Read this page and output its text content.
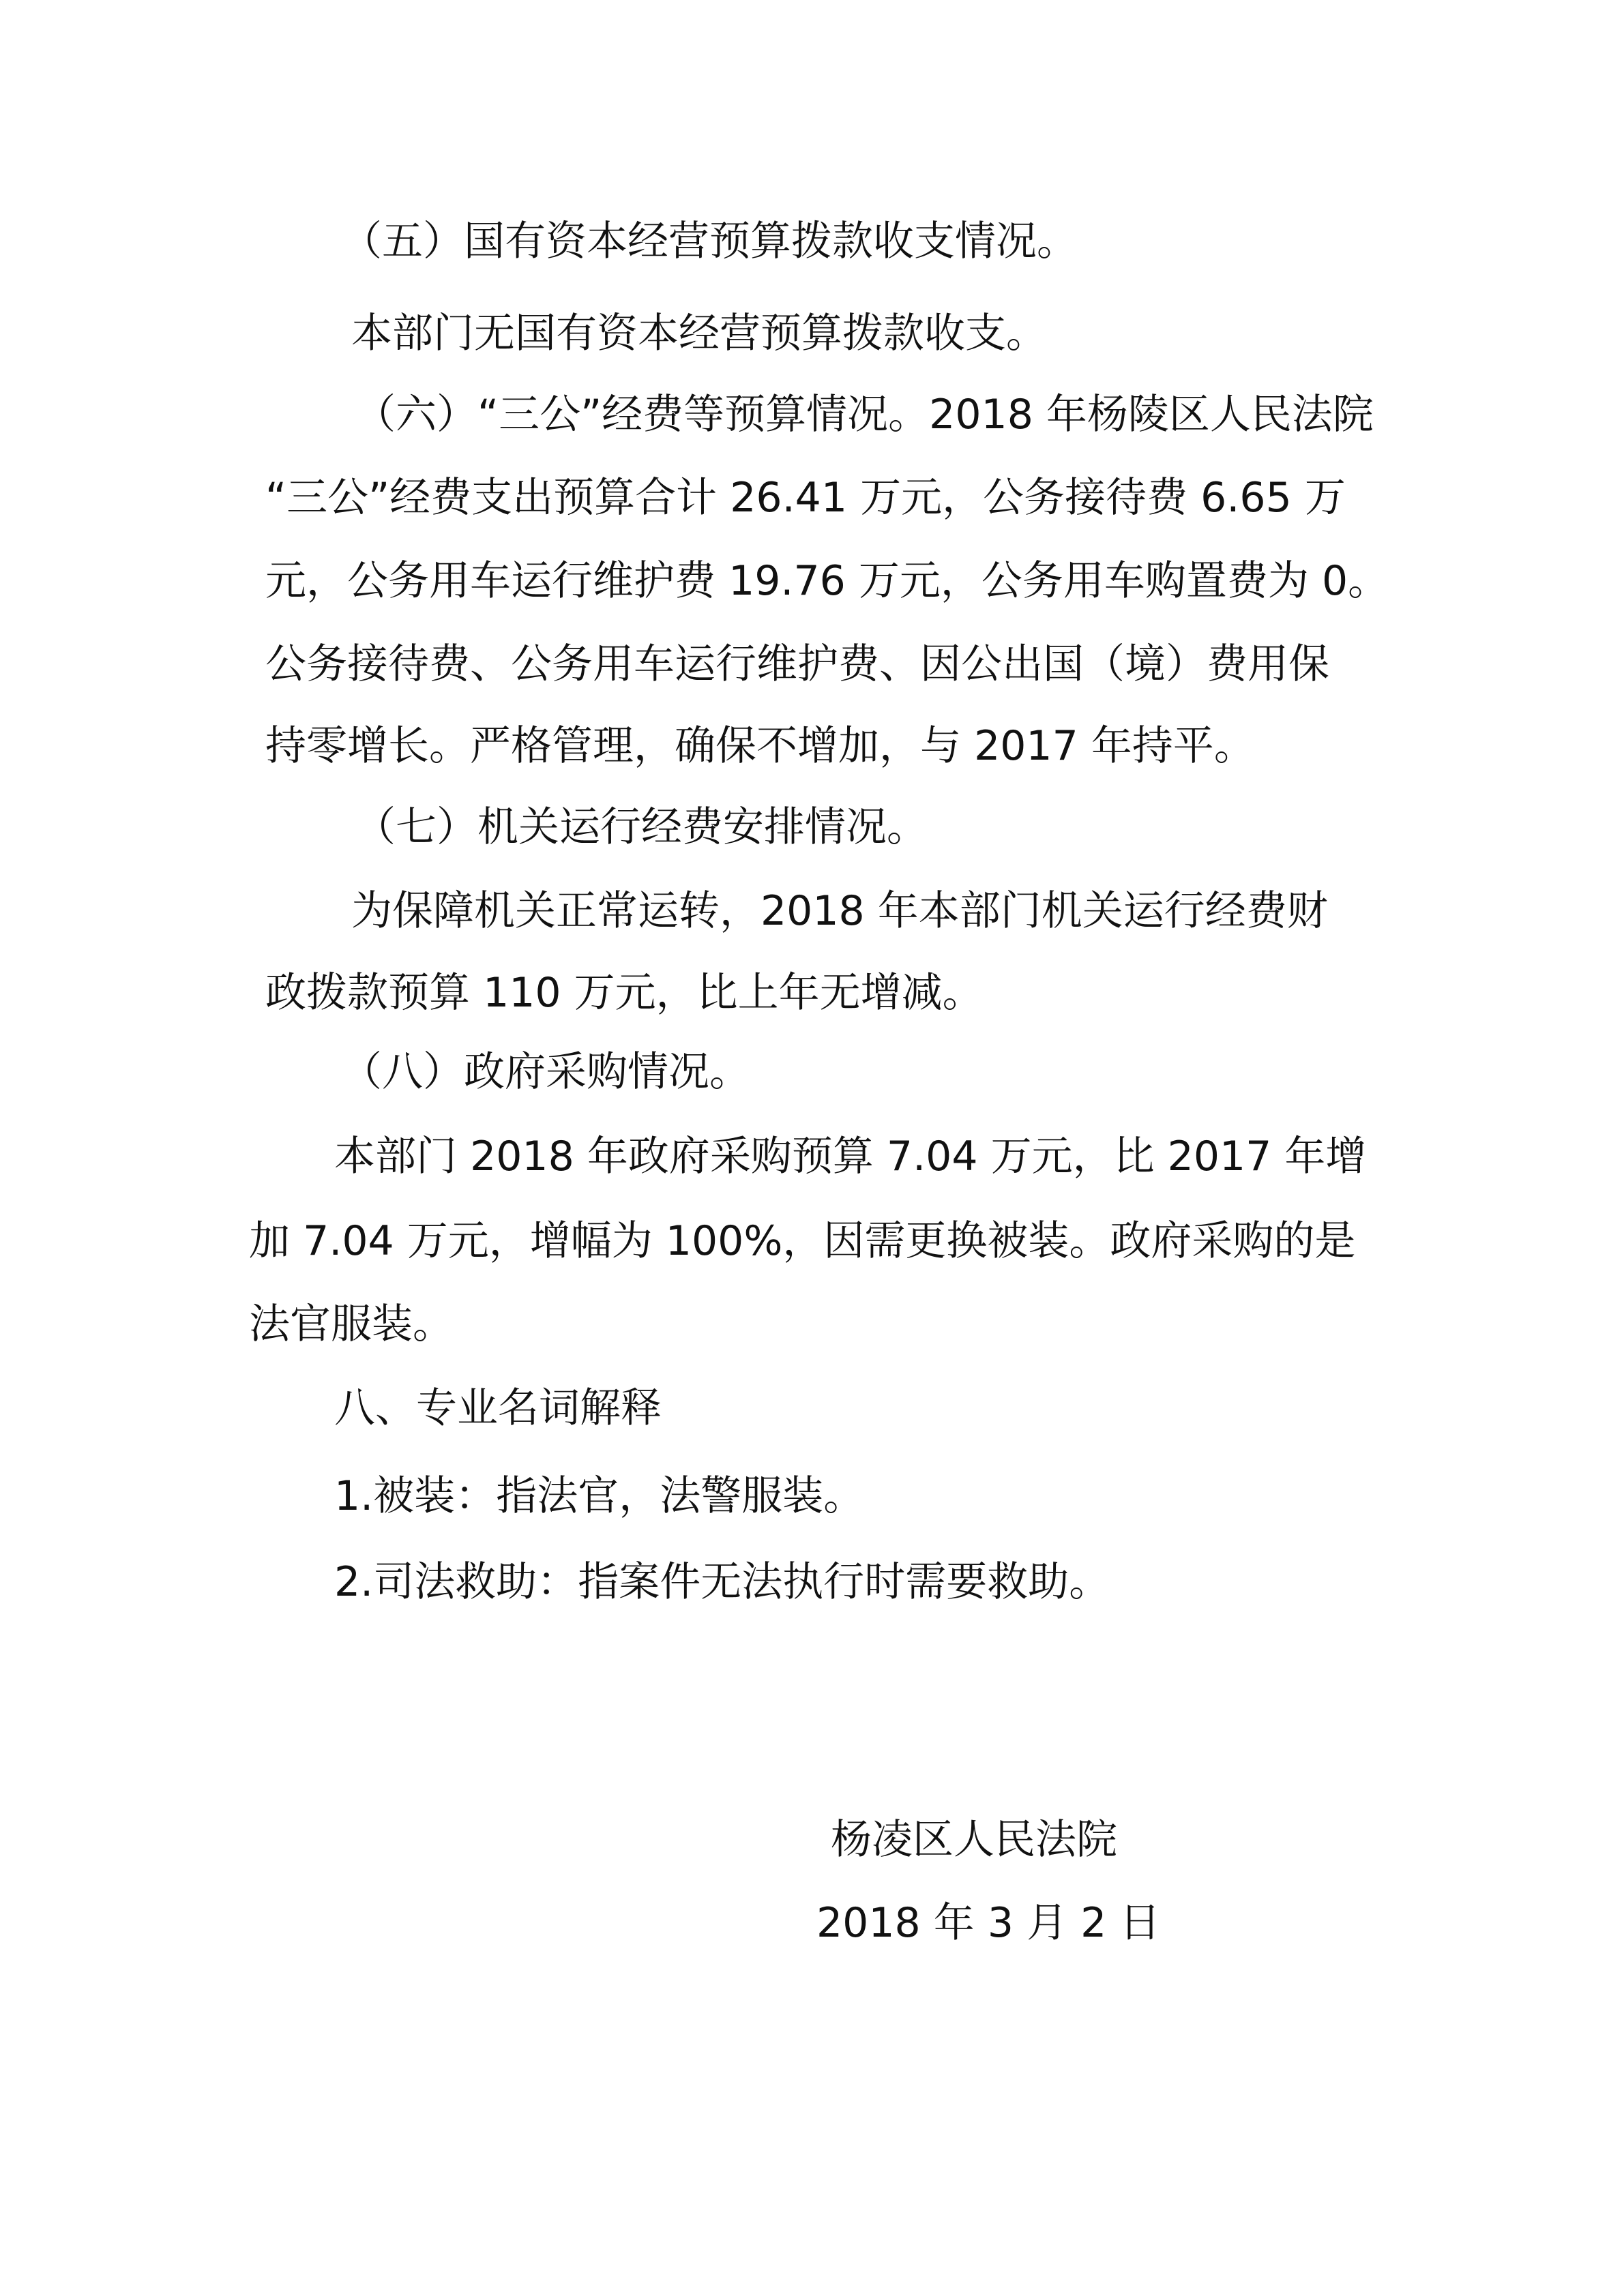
（五）国有资本经营预算拨款收支情况。

本部门无国有资本经营预算拨款收支。

（六）“三公”经费等预算情况。2018 年杨陵区人民法院

“三公”经费支出预算合计 26.41 万元，公务接待费 6.65 万

元，公务用车运行维护费 19.76 万元，公务用车购置费为 0。

公务接待费、公务用车运行维护费、因公出国（境）费用保

持零增长。严格管理，确保不增加，与 2017 年持平。

（七）机关运行经费安排情况。

为保障机关正常运转，2018 年本部门机关运行经费财

政拨款预算 110 万元，比上年无增减。

（八）政府采购情况。

本部门 2018 年政府采购预算 7.04 万元，比 2017 年增

加 7.04 万元，增幅为 100%，因需更换被装。政府采购的是

法官服装。

八、专业名词解释

1.被装：指法官，法警服装。

2.司法救助：指案件无法执行时需要救助。

杨凌区人民法院

2018 年 3 月 2 日
